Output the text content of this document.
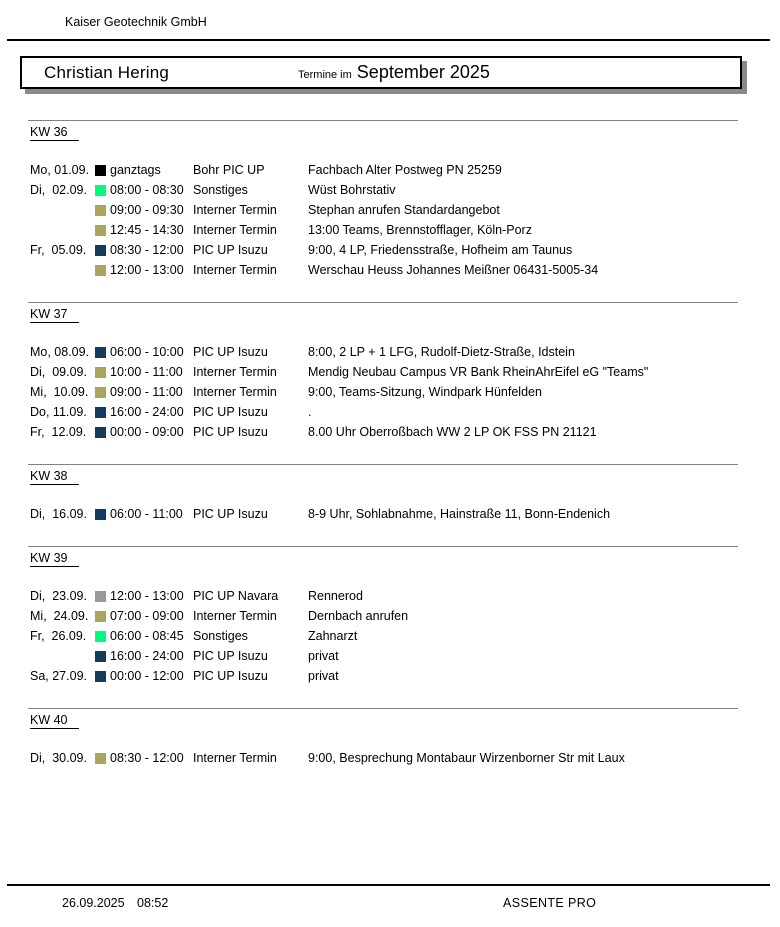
Kaiser Geotechnik GmbH
Christian Hering	Termine im September 2025
KW 36
Mo, 01.09.	ganztags	Bohr PIC UP	Fachbach Alter Postweg PN 25259
Di,  02.09.	08:00 - 08:30 Sonstiges	Wüst Bohrstativ
09:00 - 09:30 Interner Termin	Stephan anrufen Standardangebot
12:45 - 14:30 Interner Termin	13:00 Teams, Brennstofflager, Köln-Porz
Fr,  05.09.	08:30 - 12:00 PIC UP Isuzu	9:00, 4 LP, Friedensstraße, Hofheim am Taunus
12:00 - 13:00 Interner Termin	Werschau Heuss Johannes Meißner 06431-5005-34
KW 37
Mo, 08.09.	06:00 - 10:00 PIC UP Isuzu	8:00, 2 LP + 1 LFG, Rudolf-Dietz-Straße, Idstein
Di,  09.09.	10:00 - 11:00 Interner Termin	Mendig Neubau Campus VR Bank RheinAhrEifel eG "Teams"
Mi,  10.09.	09:00 - 11:00 Interner Termin	9:00, Teams-Sitzung, Windpark Hünfelden
Do, 11.09.	16:00 - 24:00 PIC UP Isuzu	.
Fr,  12.09.	00:00 - 09:00 PIC UP Isuzu	8.00 Uhr Oberroßbach WW 2 LP OK FSS PN 21121
KW 38
Di,  16.09.	06:00 - 11:00 PIC UP Isuzu	8-9 Uhr, Sohlabnahme, Hainstraße 11, Bonn-Endenich
KW 39
Di,  23.09.	12:00 - 13:00 PIC UP Navara	Rennerod
Mi,  24.09.	07:00 - 09:00 Interner Termin	Dernbach anrufen
Fr,  26.09.	06:00 - 08:45 Sonstiges	Zahnarzt
16:00 - 24:00 PIC UP Isuzu	privat
Sa, 27.09.	00:00 - 12:00 PIC UP Isuzu	privat
KW 40
Di,  30.09.	08:30 - 12:00 Interner Termin	9:00, Besprechung Montabaur Wirzenborner Str mit Laux
26.09.2025 08:52	ASSENTE PRO
